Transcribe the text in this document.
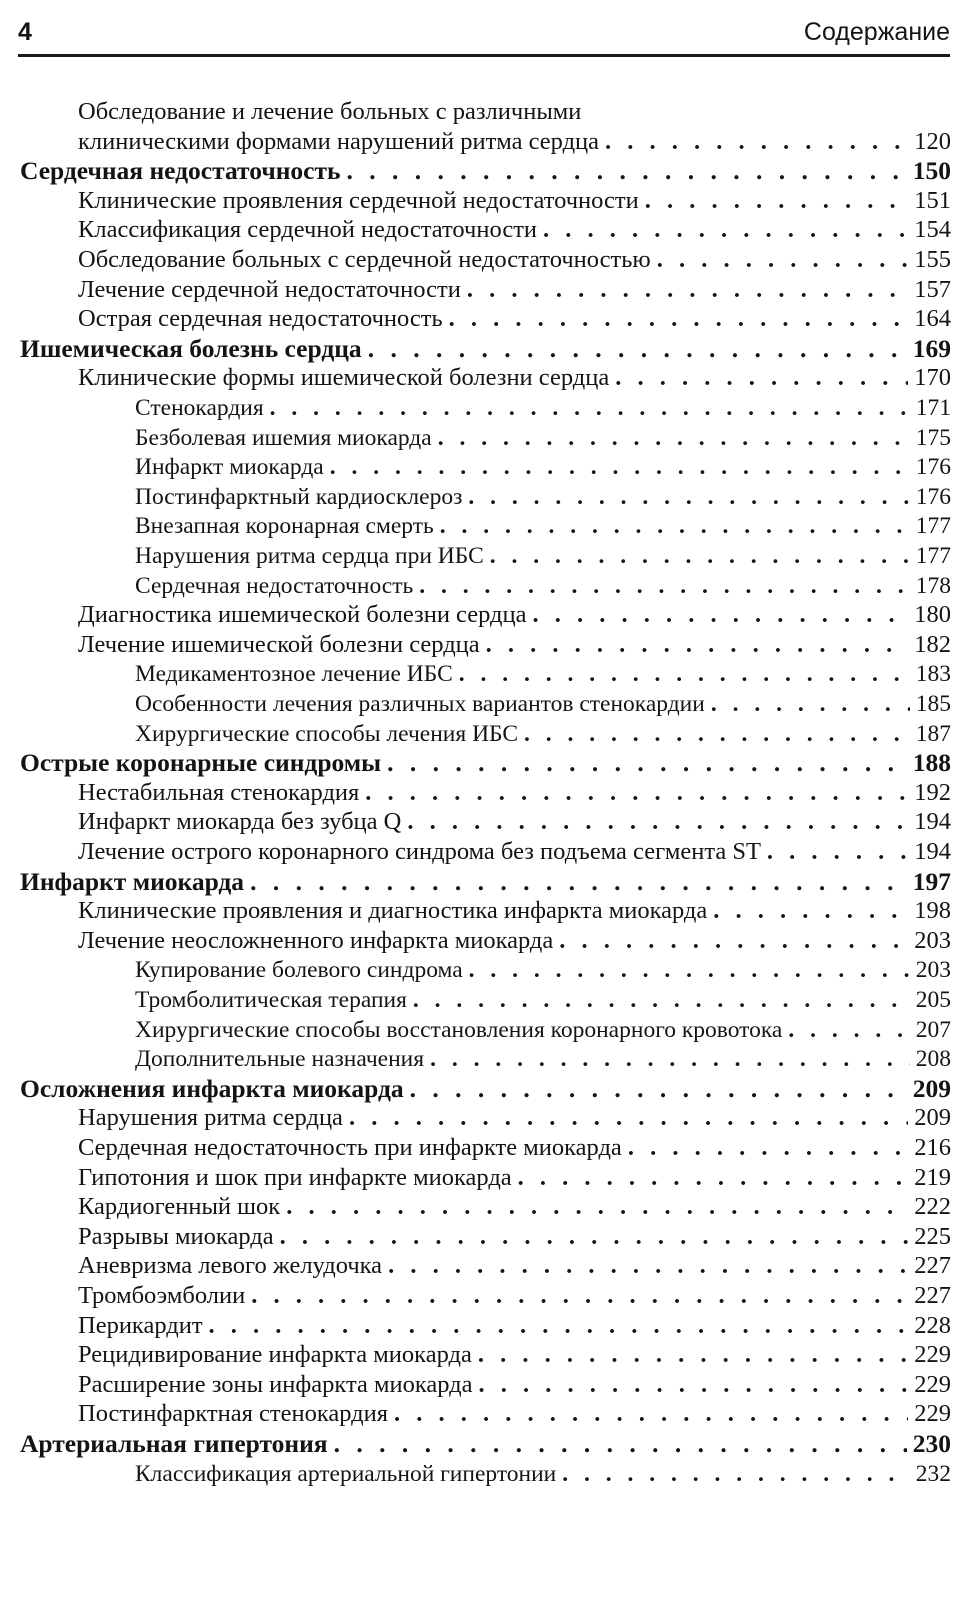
4	Содержание
Обследование и лечение больных с различными
клиническими формами нарушений ритма сердца . . .	120
Сердечная недостаточность . . .	150
Клинические проявления сердечной недостаточности . . .	151
Классификация сердечной недостаточности . . .	154
Обследование больных с сердечной недостаточностью . . .	155
Лечение сердечной недостаточности . . .	157
Острая сердечная недостаточность . . .	164
Ишемическая болезнь сердца . . .	169
Клинические формы ишемической болезни сердца . . .	170
Стенокардия . . .	171
Безболевая ишемия миокарда . . .	175
Инфаркт миокарда . . .	176
Постинфарктный кардиосклероз . . .	176
Внезапная коронарная смерть . . .	177
Нарушения ритма сердца при ИБС . . .	177
Сердечная недостаточность . . .	178
Диагностика ишемической болезни сердца . . .	180
Лечение ишемической болезни сердца . . .	182
Медикаментозное лечение ИБС . . .	183
Особенности лечения различных вариантов стенокардии . . .	185
Хирургические способы лечения ИБС . . .	187
Острые коронарные синдромы . . .	188
Нестабильная стенокардия . . .	192
Инфаркт миокарда без зубца Q . . .	194
Лечение острого коронарного синдрома без подъема сегмента ST . . .	194
Инфаркт миокарда . . .	197
Клинические проявления и диагностика инфаркта миокарда . . .	198
Лечение неосложненного инфаркта миокарда . . .	203
Купирование болевого синдрома . . .	203
Тромболитическая терапия . . .	205
Хирургические способы восстановления коронарного кровотока . . .	207
Дополнительные назначения . . .	208
Осложнения инфаркта миокарда . . .	209
Нарушения ритма сердца . . .	209
Сердечная недостаточность при инфаркте миокарда . . .	216
Гипотония и шок при инфаркте миокарда . . .	219
Кардиогенный шок . . .	222
Разрывы миокарда . . .	225
Аневризма левого желудочка . . .	227
Тромбоэмболии . . .	227
Перикардит . . .	228
Рецидивирование инфаркта миокарда . . .	229
Расширение зоны инфаркта миокарда . . .	229
Постинфарктная стенокардия . . .	229
Артериальная гипертония . . .	230
Классификация артериальной гипертонии . . .	232
